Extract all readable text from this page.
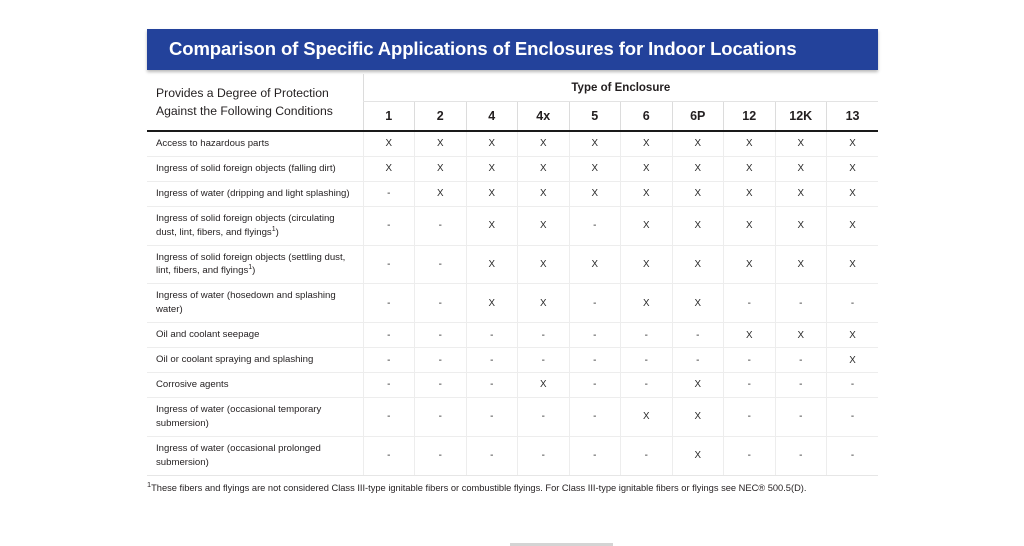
Comparison of Specific Applications of Enclosures for Indoor Locations
Provides a Degree of Protection
Against the Following Conditions	Type of Enclosure									
	1	2	4	4x	5	6	6P	12	12K	13
Access to hazardous parts	X	X	X	X	X	X	X	X	X	X
Ingress of solid foreign objects (falling dirt)	X	X	X	X	X	X	X	X	X	X
Ingress of water (dripping and light splashing)	-	X	X	X	X	X	X	X	X	X
Ingress of solid foreign objects (circulating dust, lint, fibers, and flyings$^1$)	-	-	X	X	-	X	X	X	X	X
Ingress of solid foreign objects (settling dust, lint, fibers, and flyings$^1$)	-	-	X	X	X	X	X	X	X	X
Ingress of water (hosedown and splashing water)	-	-	X	X	-	X	X	-	-	-
Oil and coolant seepage	-	-	-	-	-	-	-	X	X	X
Oil or coolant spraying and splashing	-	-	-	-	-	-	-	-	-	X
Corrosive agents	-	-	-	X	-	-	X	-	-	-
Ingress of water (occasional temporary submersion)	-	-	-	-	-	X	X	-	-	-
Ingress of water (occasional prolonged submersion)	-	-	-	-	-	-	X	-	-	-
$^1$These fibers and flyings are not considered Class III-type ignitable fibers or combustible flyings. For Class III-type ignitable fibers or flyings see NEC® 500.5(D).
